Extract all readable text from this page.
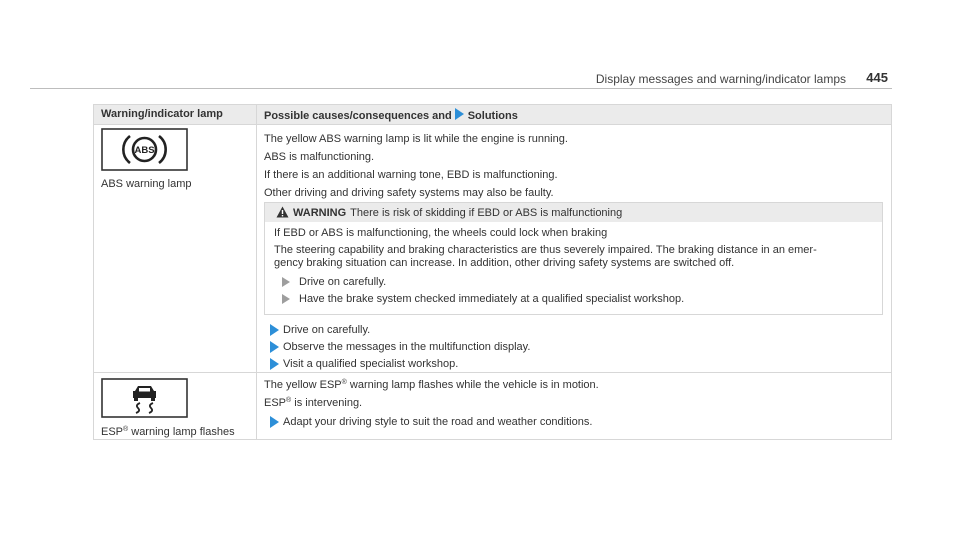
Display messages and warning/indicator lamps 445
Warning/indicator lamp	Possible causes/consequences and Solutions
ABS
ABS warning lamp
The yellow ABS warning lamp is lit while the engine is running.
ABS is malfunctioning.
If there is an additional warning tone, EBD is malfunctioning.
Other driving and driving safety systems may also be faulty.
WARNING There is risk of skidding if EBD or ABS is malfunctioning
If EBD or ABS is malfunctioning, the wheels could lock when braking
The steering capability and braking characteristics are thus severely impaired. The braking distance in an emer-
gency braking situation can increase. In addition, other driving safety systems are switched off.
Drive on carefully.
Have the brake system checked immediately at a qualified specialist workshop.
Drive on carefully.
Observe the messages in the multifunction display.
Visit a qualified specialist workshop.
ESP® warning lamp flashes
The yellow ESP® warning lamp flashes while the vehicle is in motion.
ESP® is intervening.
Adapt your driving style to suit the road and weather conditions.
